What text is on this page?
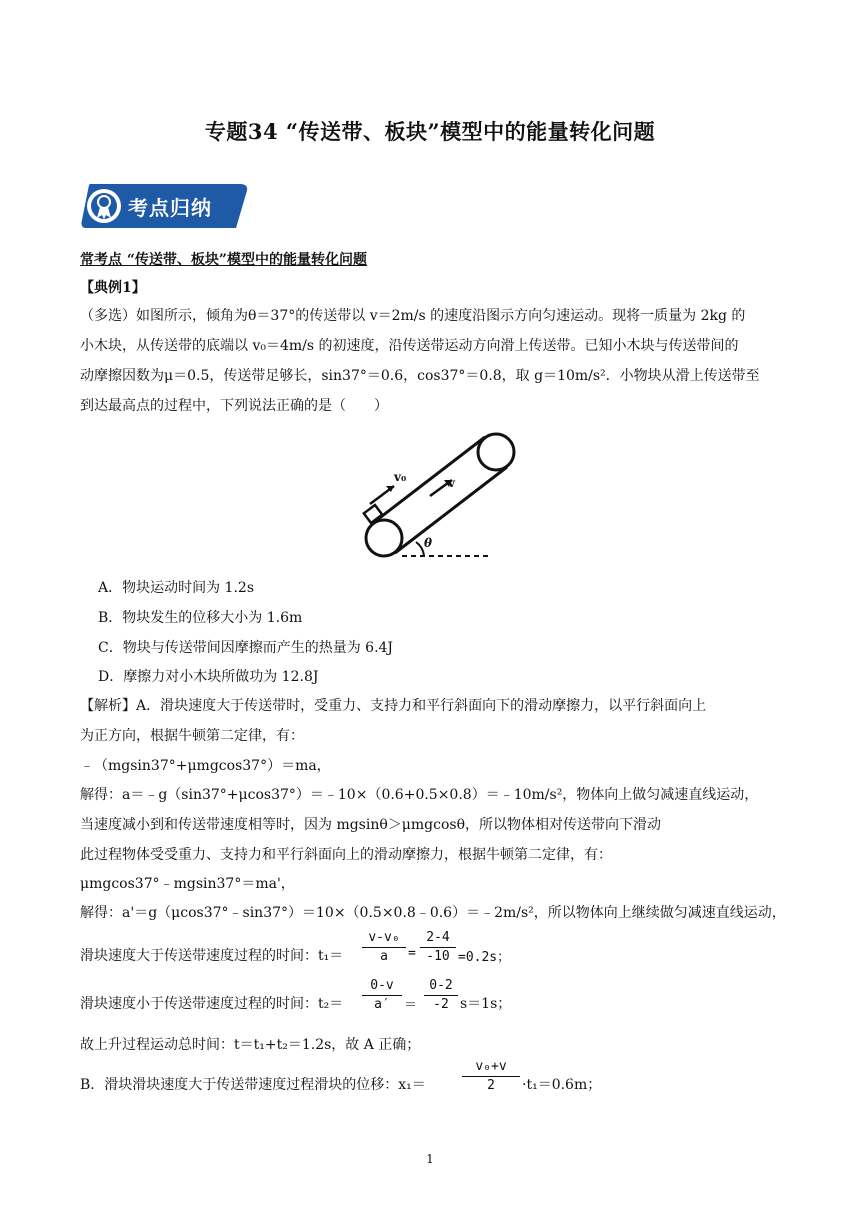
专题34 “传送带、板块”模型中的能量转化问题
考点归纳
常考点 “传送带、板块”模型中的能量转化问题
【典例1】
（多选）如图所示，倾角为θ＝37°的传送带以 v＝2m/s 的速度沿图示方向匀速运动。现将一质量为 2kg 的
小木块，从传送带的底端以 v₀＝4m/s 的初速度，沿传送带运动方向滑上传送带。已知小木块与传送带间的
动摩擦因数为μ＝0.5，传送带足够长，sin37°＝0.6，cos37°＝0.8，取 g＝10m/s²．小物块从滑上传送带至
到达最高点的过程中，下列说法正确的是（　　）
v₀	v
θ
A．物块运动时间为 1.2s
B．物块发生的位移大小为 1.6m
C．物块与传送带间因摩擦而产生的热量为 6.4J
D．摩擦力对小木块所做功为 12.8J
【解析】A．滑块速度大于传送带时，受重力、支持力和平行斜面向下的滑动摩擦力，以平行斜面向上
为正方向，根据牛顿第二定律，有：
﹣（mgsin37°+μmgcos37°）＝ma，
解得：a＝﹣g（sin37°+μcos37°）＝﹣10×（0.6+0.5×0.8）＝﹣10m/s²，物体向上做匀减速直线运动，
当速度减小到和传送带速度相等时，因为 mgsinθ＞μmgcosθ，所以物体相对传送带向下滑动
此过程物体受受重力、支持力和平行斜面向上的滑动摩擦力，根据牛顿第二定律，有：
μmgcos37°﹣mgsin37°＝ma'，
解得：a'＝g（μcos37°﹣sin37°）＝10×（0.5×0.8﹣0.6）＝﹣2m/s²，所以物体向上继续做匀减速直线运动，
滑块速度大于传送带速度过程的时间：t₁＝
v-v₀
a	=
2-4
-10 =0.2s；
滑块速度小于传送带速度过程的时间：t₂＝
0-v
a′	＝
0-2
-2 s＝1s；
故上升过程运动总时间：t＝t₁+t₂＝1.2s，故 A 正确；
B．滑块滑块速度大于传送带速度过程滑块的位移：x₁＝
v₀+v
2	·t₁＝0.6m；
1
